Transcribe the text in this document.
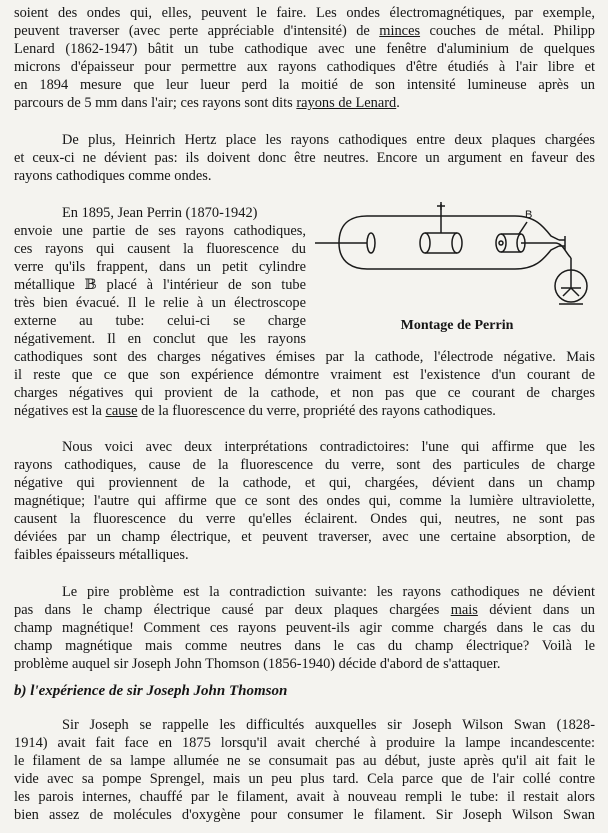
soient des ondes qui, elles, peuvent le faire. Les ondes électromagnétiques, par exemple,
peuvent traverser (avec perte appréciable d'intensité) de minces couches de métal. Philipp
Lenard (1862-1947) bâtit un tube cathodique avec une fenêtre d'aluminium de quelques
microns d'épaisseur pour permettre aux rayons cathodiques d'être étudiés à l'air libre et
en 1894 mesure que leur lueur perd la moitié de son intensité lumineuse après un
parcours de 5 mm dans l'air; ces rayons sont dits rayons de Lenard.
De plus, Heinrich Hertz place les rayons cathodiques entre deux plaques chargées
et ceux-ci ne dévient pas: ils doivent donc être neutres. Encore un argument en faveur des
rayons cathodiques comme ondes.
En 1895, Jean Perrin (1870-1942)
envoie une partie de ses rayons cathodiques,
ces rayons qui causent la fluorescence du
verre qu'ils frappent, dans un petit cylindre
métallique 𝔹 placé à l'intérieur de son tube
très bien évacué. Il le relie à un électroscope
externe au tube: celui-ci se charge
négativement. Il en conclut que les rayons
cathodiques sont des charges négatives émises par la cathode, l'électrode négative. Mais
il reste que ce que son expérience démontre vraiment est l'existence d'un courant de
charges négatives qui provient de la cathode, et non pas que ce courant de charges
négatives est la cause de la fluorescence du verre, propriété des rayons cathodiques.
B
Montage de Perrin
Nous voici avec deux interprétations contradictoires: l'une qui affirme que les
rayons cathodiques, cause de la fluorescence du verre, sont des particules de charge
négative qui proviennent de la cathode, et qui, chargées, dévient dans un champ
magnétique; l'autre qui affirme que ce sont des ondes qui, comme la lumière ultraviolette,
causent la fluorescence du verre qu'elles éclairent. Ondes qui, neutres, ne sont pas
déviées par un champ électrique, et peuvent traverser, avec une certaine absorption, de
faibles épaisseurs métalliques.
Le pire problème est la contradiction suivante: les rayons cathodiques ne dévient
pas dans le champ électrique causé par deux plaques chargées mais dévient dans un
champ magnétique! Comment ces rayons peuvent-ils agir comme chargés dans le cas du
champ magnétique mais comme neutres dans le cas du champ électrique? Voilà le
problème auquel sir Joseph John Thomson (1856-1940) décide d'abord de s'attaquer.
b) l'expérience de sir Joseph John Thomson
Sir Joseph se rappelle les difficultés auxquelles sir Joseph Wilson Swan (1828-
1914) avait fait face en 1875 lorsqu'il avait cherché à produire la lampe incandescente:
le filament de sa lampe allumée ne se consumait pas au début, juste après qu'il ait fait le
vide avec sa pompe Sprengel, mais un peu plus tard. Cela parce que de l'air collé contre
les parois internes, chauffé par le filament, avait à nouveau rempli le tube: il restait alors
bien assez de molécules d'oxygène pour consumer le filament. Sir Joseph Wilson Swan
